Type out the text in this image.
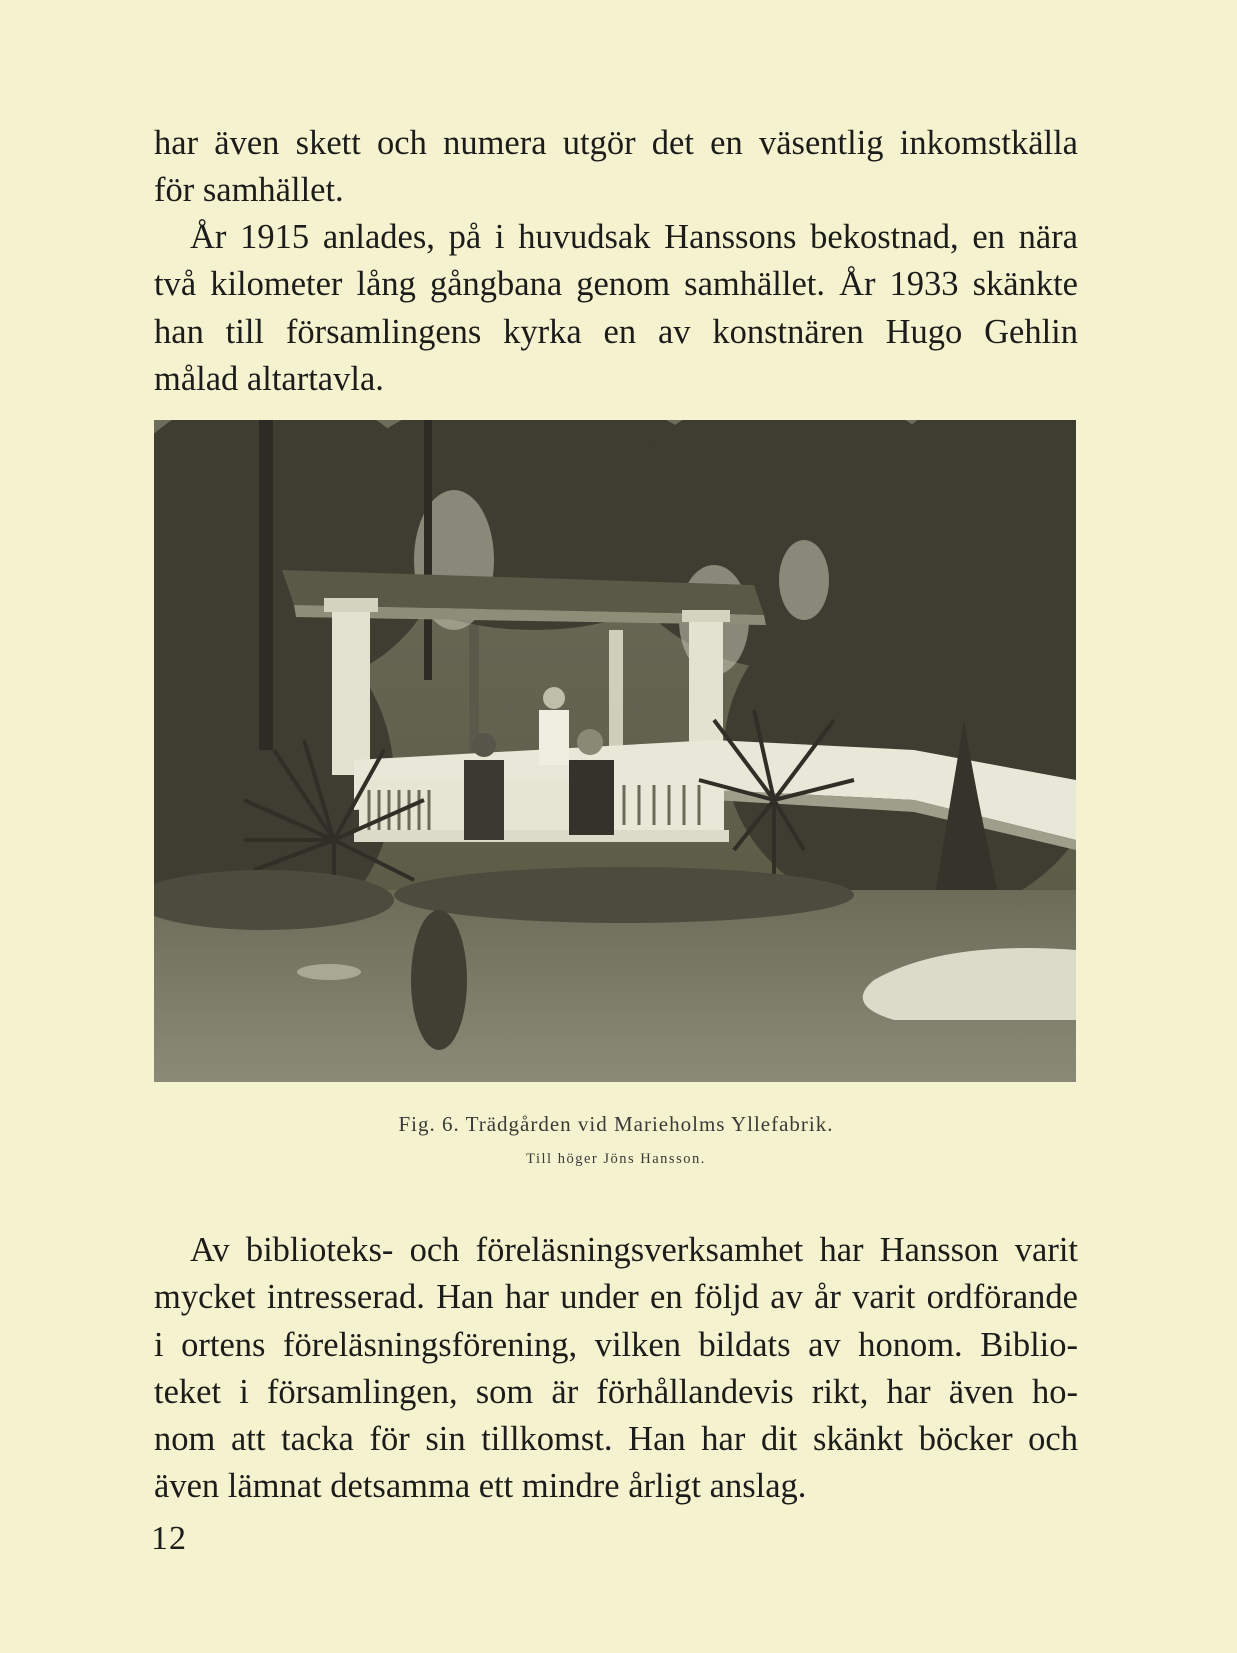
har även skett och numera utgör det en väsentlig inkomstkälla
för samhället.

År 1915 anlades, på i huvudsak Hanssons bekostnad, en nära
två kilometer lång gångbana genom samhället. År 1933 skänkte
han till församlingens kyrka en av konstnären Hugo Gehlin
målad altartavla.

Fig. 6. Trädgården vid Marieholms Yllefabrik.
Till höger Jöns Hansson.

Av biblioteks- och föreläsningsverksamhet har Hansson varit
mycket intresserad. Han har under en följd av år varit ordförande
i ortens föreläsningsförening, vilken bildats av honom. Biblio-
teket i församlingen, som är förhållandevis rikt, har även ho-
nom att tacka för sin tillkomst. Han har dit skänkt böcker och
även lämnat detsamma ett mindre årligt anslag.

12
